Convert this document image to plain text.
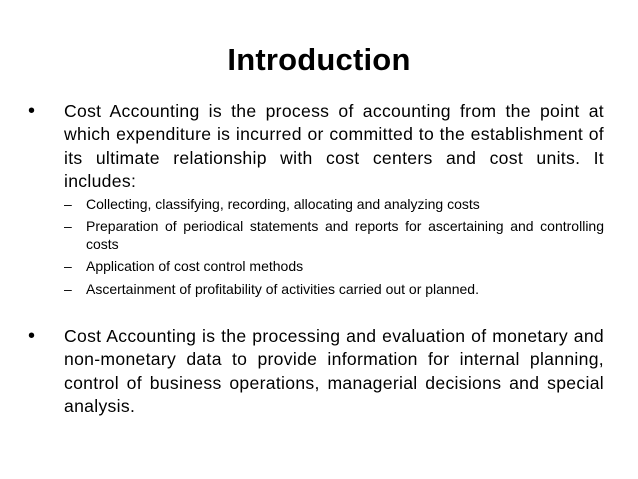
Introduction
• Cost Accounting is the process of accounting from the point at which expenditure is incurred or committed to the establishment of its ultimate relationship with cost centers and cost units. It includes:
– Collecting, classifying, recording, allocating and analyzing costs
– Preparation of periodical statements and reports for ascertaining and controlling costs
– Application of cost control methods
– Ascertainment of profitability of activities carried out or planned.
• Cost Accounting is the processing and evaluation of monetary and non-monetary data to provide information for internal planning, control of business operations, managerial decisions and special analysis.
